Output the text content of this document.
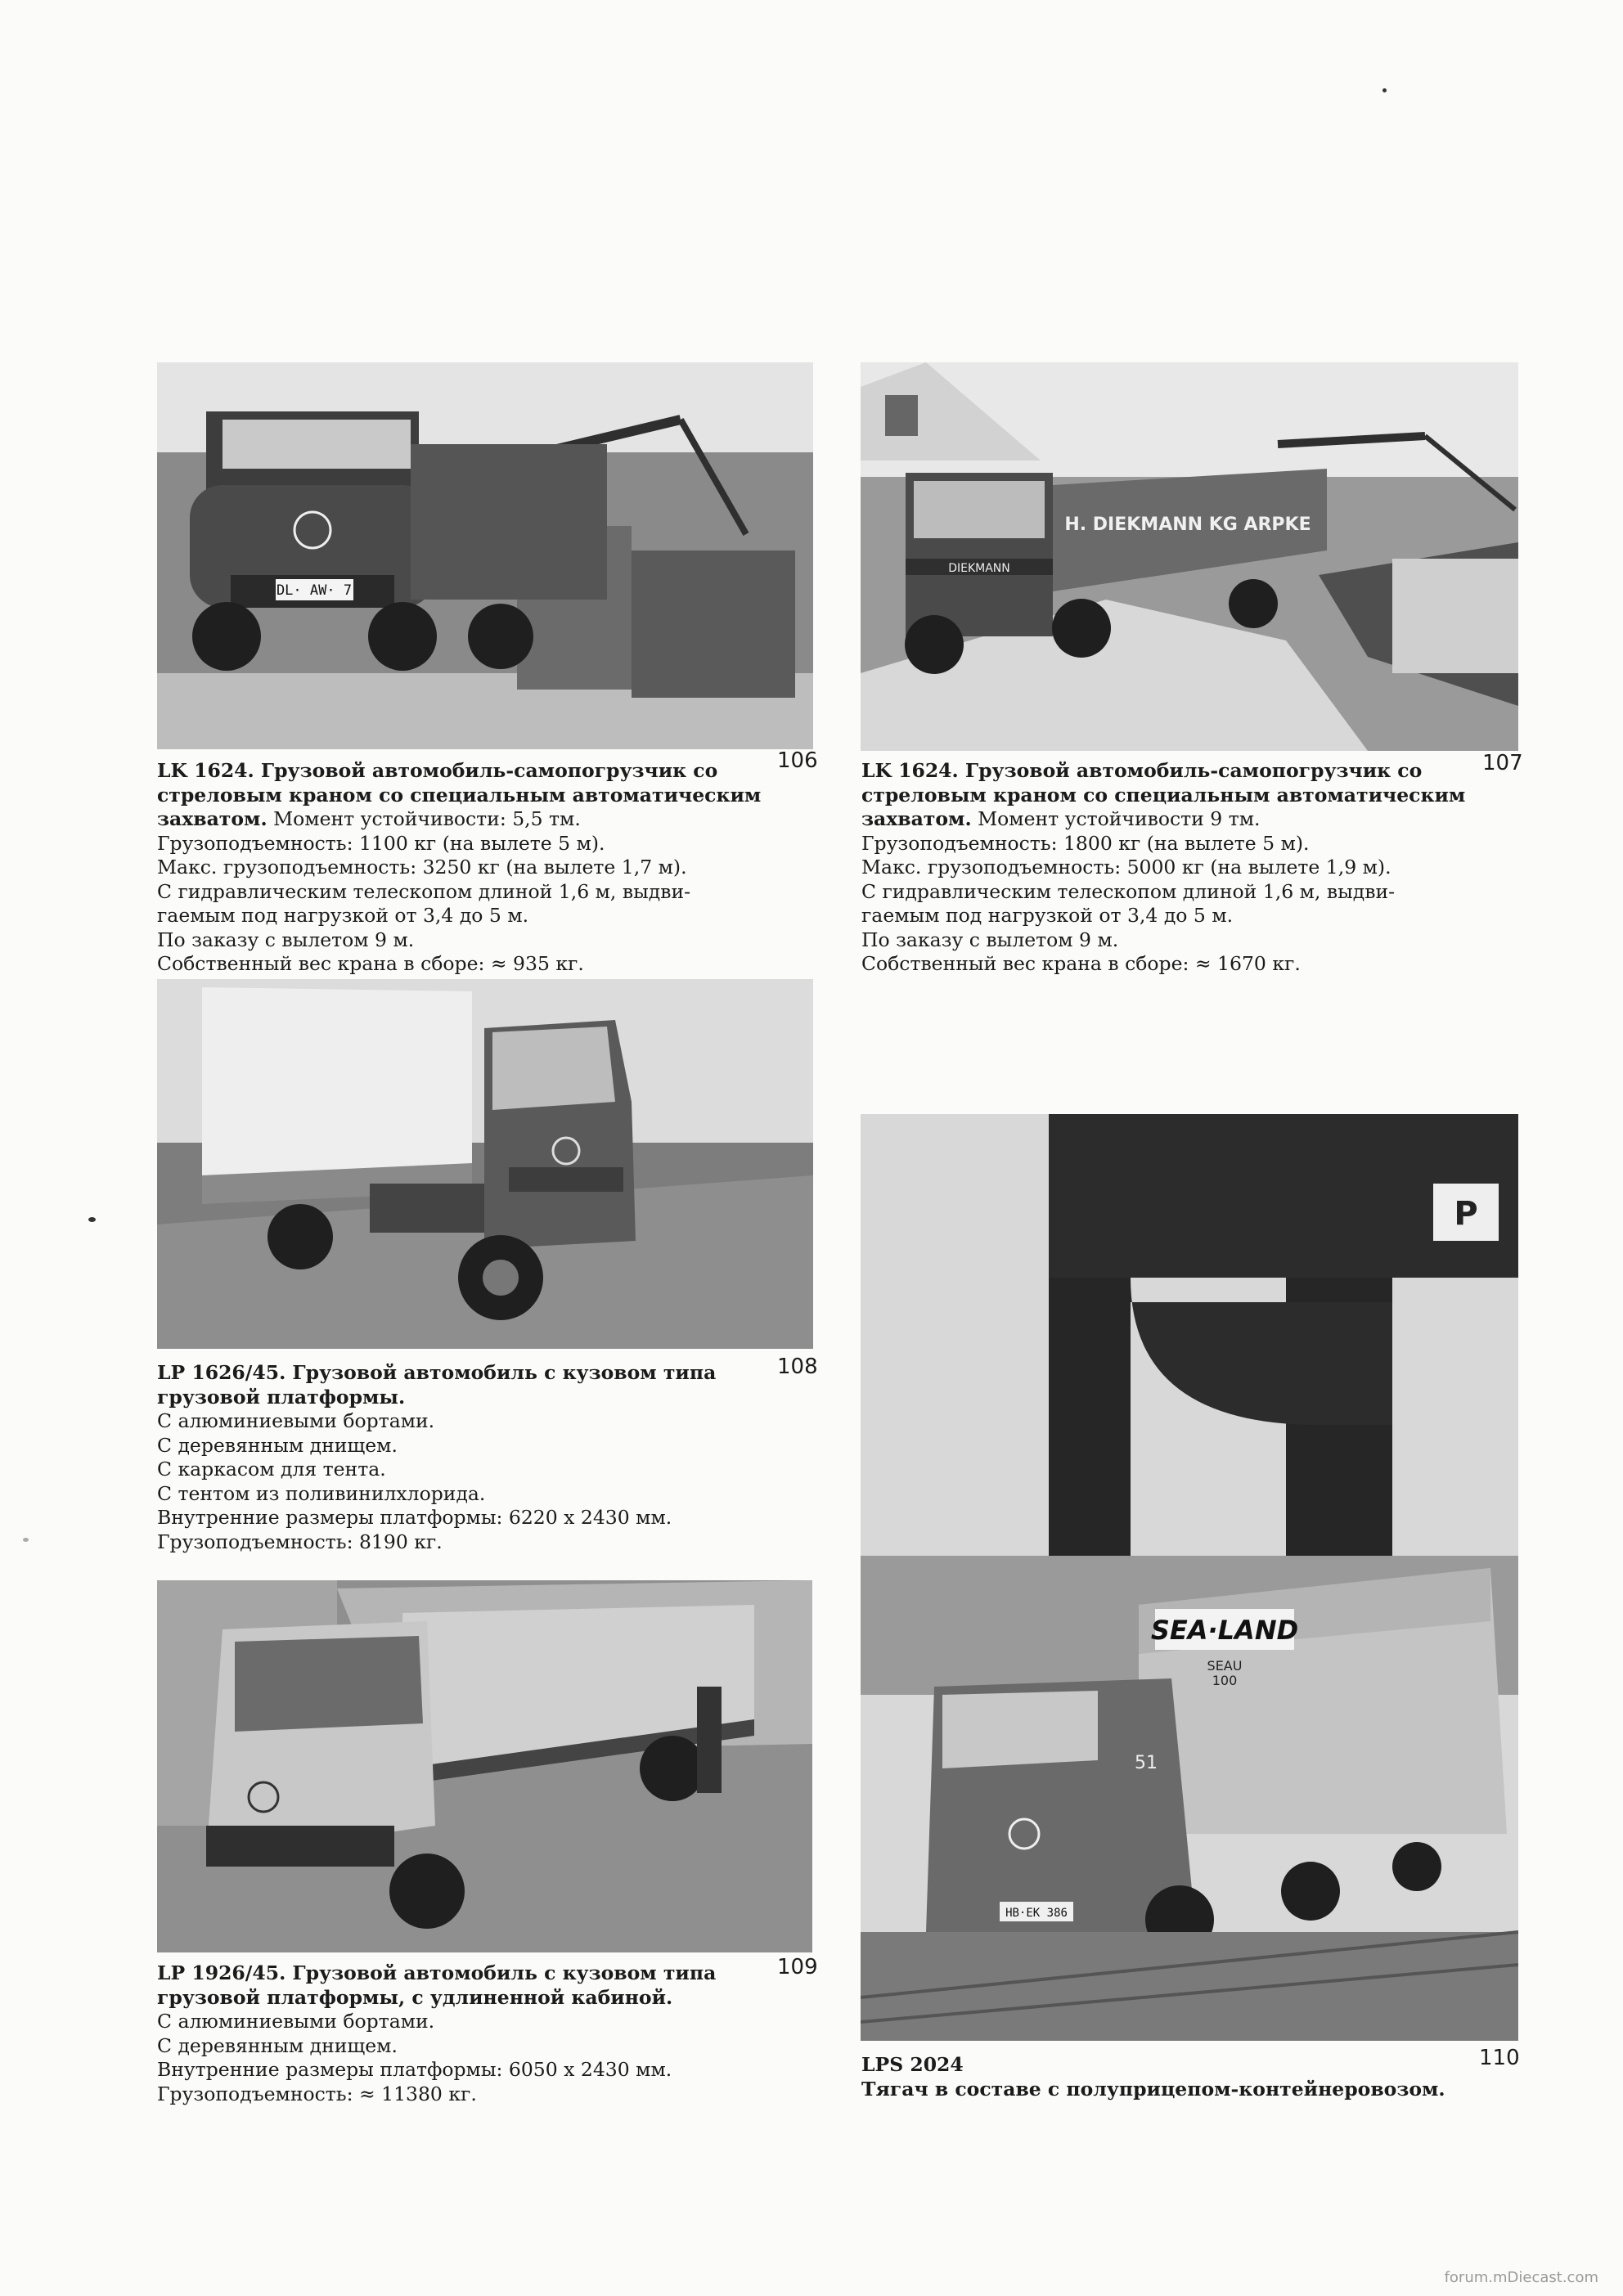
DL· AW· 7
106
LK 1624. Грузовой автомобиль-самопогрузчик со
стреловым краном со специальным автоматическим
захватом. Момент устойчивости: 5,5 тм.
Грузоподъемность: 1100 кг (на вылете 5 м).
Макс. грузоподъемность: 3250 кг (на вылете 1,7 м).
С гидравлическим телескопом длиной 1,6 м, выдви-
гаемым под нагрузкой от 3,4 до 5 м.
По заказу с вылетом 9 м.
Собственный вес крана в сборе: ≈ 935 кг.
DIEKMANN
H. DIEKMANN KG ARPKE
107
LK 1624. Грузовой автомобиль-самопогрузчик со
стреловым краном со специальным автоматическим
захватом. Момент устойчивости 9 тм.
Грузоподъемность: 1800 кг (на вылете 5 м).
Макс. грузоподъемность: 5000 кг (на вылете 1,9 м).
С гидравлическим телескопом длиной 1,6 м, выдви-
гаемым под нагрузкой от 3,4 до 5 м.
По заказу с вылетом 9 м.
Собственный вес крана в сборе: ≈ 1670 кг.
108
LP 1626/45. Грузовой автомобиль с кузовом типа
грузовой платформы.
С алюминиевыми бортами.
С деревянным днищем.
С каркасом для тента.
С тентом из поливинилхлорида.
Внутренние размеры платформы: 6220 x 2430 мм.
Грузоподъемность: 8190 кг.
109
LP 1926/45. Грузовой автомобиль с кузовом типа
грузовой платформы, с удлиненной кабиной.
С алюминиевыми бортами.
С деревянным днищем.
Внутренние размеры платформы: 6050 x 2430 мм.
Грузоподъемность: ≈ 11380 кг.
P
SEA·LAND
SEAU
100
51
HB·EK 386
110
LPS 2024
Тягач в составе с полуприцепом-контейнеровозом.
forum.mDiecast.com
